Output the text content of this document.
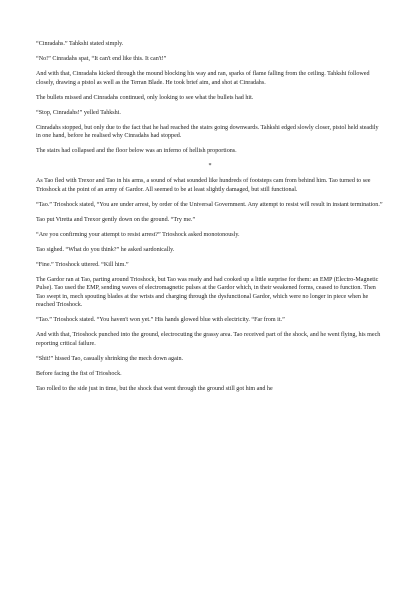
“Cinradahs.” Tahkshi stated simply.

“No!” Cinradahs spat, “It can't end like this. It can't!”

And with that, Cinradahs kicked through the mound blocking his way and ran, sparks of flame falling from the ceiling. Tahkshi followed closely, drawing a pistol as well as the Terran Blade. He took brief aim, and shot at Cinradahs.

The bullets missed and Cinradahs continued, only looking to see what the bullets had hit.

“Stop, Cinradahs!” yelled Tahkshi.

Cinradahs stopped, but only due to the fact that he had reached the stairs going downwards. Tahkshi edged slowly closer, pistol held steadily in one hand, before he realised why Cinradahs had stopped.

The stairs had collapsed and the floor below was an inferno of hellish proportions.

*

As Tao fled with Trexor and Tao in his arms, a sound of what sounded like hundreds of footsteps cam from behind him. Tao turned to see Trioshock at the point of an army of Gardor. All seemed to be at least slightly damaged, but still functional.

“Tao.” Trioshock stated, “You are under arrest, by order of the Universal Government. Any attempt to resist will result in instant termination.”

Tao put Viretta and Trexor gently down on the ground. “Try me.”

“Are you confirming your attempt to resist arrest?” Trioshock asked monotonously.

Tao sighed. “What do you think?” he asked sardonically.

“Fine.” Trioshock uttered. “Kill him.”

The Gardor ran at Tao, parting around Trioshock, but Tao was ready and had cooked up a little surprise for them: an EMP (Electro-Magnetic Pulse). Tao used the EMP, sending waves of electromagnetic pulses at the Gardor which, in their weakened forms, ceased to function. Then Tao swept in, mech spouting blades at the wrists and charging through the dysfunctional Gardor, which were no longer in piece when he reached Trioshock.

“Tao.” Trioshock stated. “You haven't won yet.” His hands glowed blue with electricity. “Far from it.”

And with that, Trioshock punched into the ground, electrocuting the grassy area. Tao received part of the shock, and he went flying, his mech reporting critical failure.

“Shit!” hissed Tao, casually shrinking the mech down again.

Before facing the fist of Trioshock.

Tao rolled to the side just in time, but the shock that went through the ground still got him and he
